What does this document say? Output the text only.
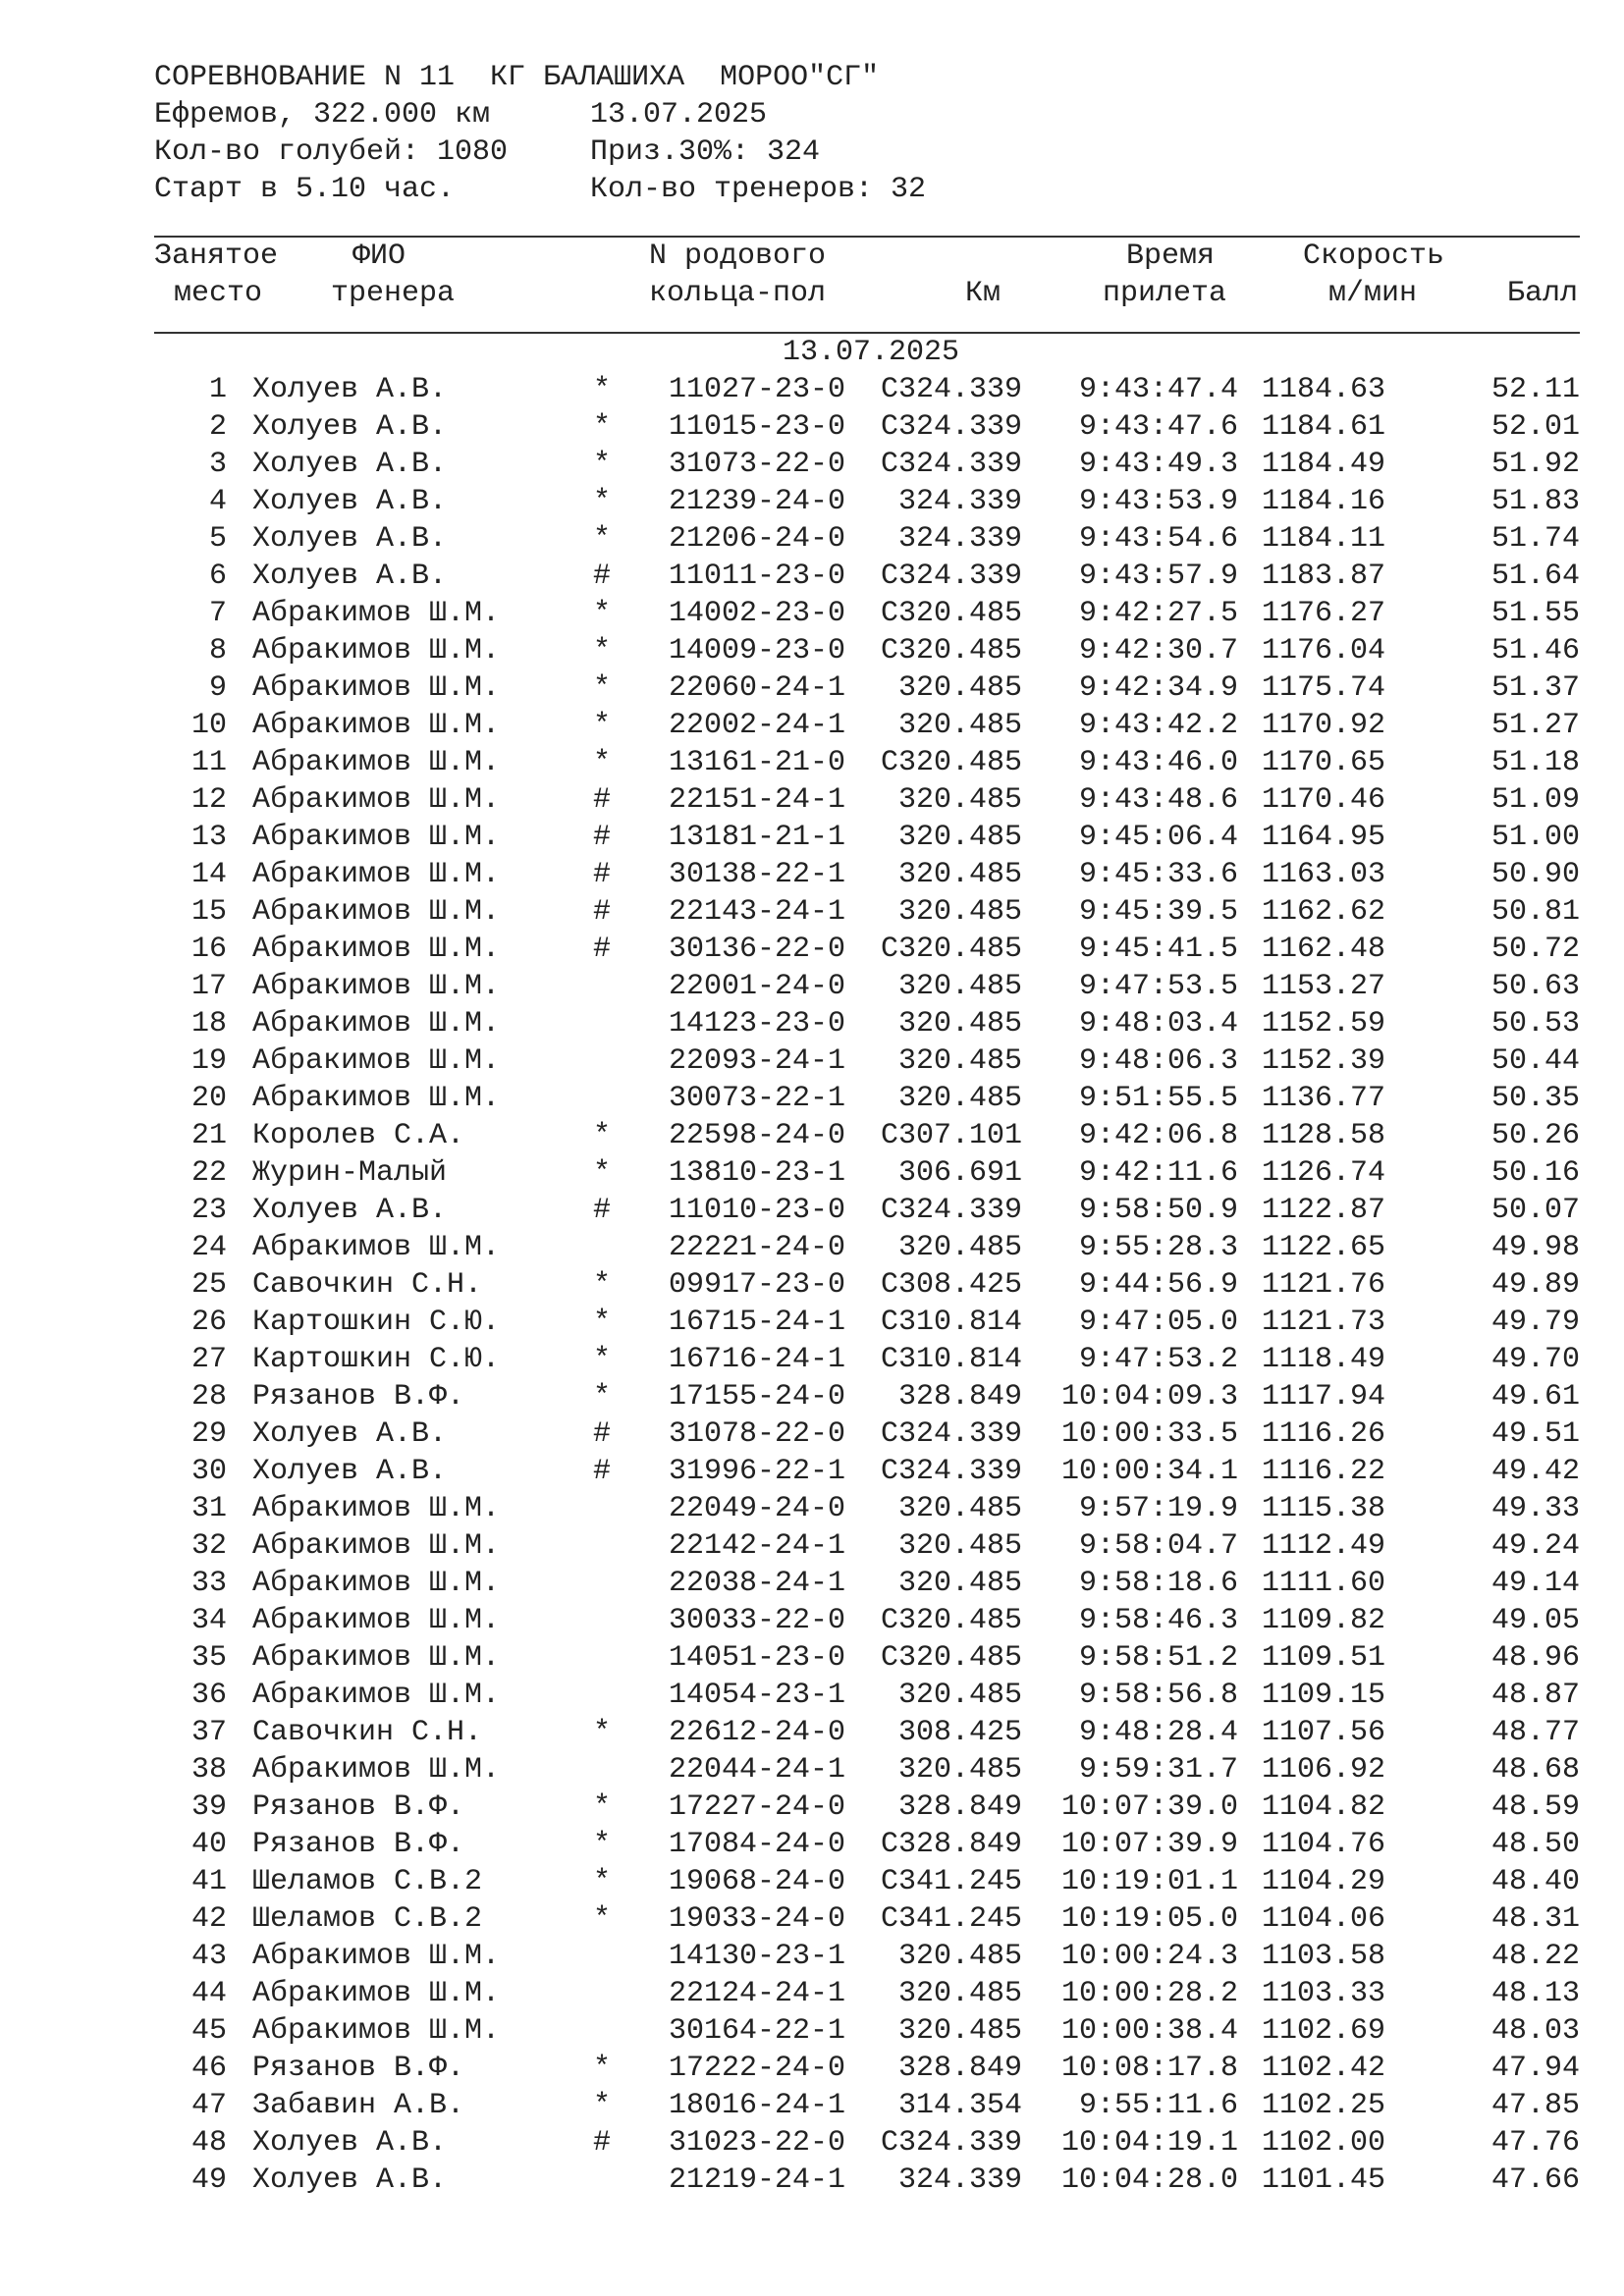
СОРЕВНОВАНИЕ N 11  КГ БАЛАШИХА  МОРОО"СГ"
Ефремов, 322.000 км	13.07.2025
Кол-во голубей: 1080	Приз.30%: 324
Старт в 5.10 час.	Кол-во тренеров: 32
Занятое
место
ФИО
тренера
N родового
кольца-пол	Км
Время
прилета
Скорость
м/мин	Балл
13.07.2025
1 Холуев А.В.	* 11027-23-0 С 324.339	9:43:47.4 1184.63	52.11
2 Холуев А.В.	* 11015-23-0 С 324.339	9:43:47.6 1184.61	52.01
3 Холуев А.В.	* 31073-22-0 С 324.339	9:43:49.3 1184.49	51.92
4 Холуев А.В.	* 21239-24-0	324.339	9:43:53.9 1184.16	51.83
5 Холуев А.В.	* 21206-24-0	324.339	9:43:54.6 1184.11	51.74
6 Холуев А.В.	# 11011-23-0 С 324.339	9:43:57.9 1183.87	51.64
7 Абракимов Ш.М.	* 14002-23-0 С 320.485	9:42:27.5 1176.27	51.55
8 Абракимов Ш.М.	* 14009-23-0 С 320.485	9:42:30.7 1176.04	51.46
9 Абракимов Ш.М.	* 22060-24-1	320.485	9:42:34.9 1175.74	51.37
10 Абракимов Ш.М.	* 22002-24-1	320.485	9:43:42.2 1170.92	51.27
11 Абракимов Ш.М.	* 13161-21-0 С 320.485	9:43:46.0 1170.65	51.18
12 Абракимов Ш.М.	# 22151-24-1	320.485	9:43:48.6 1170.46	51.09
13 Абракимов Ш.М.	# 13181-21-1	320.485	9:45:06.4 1164.95	51.00
14 Абракимов Ш.М.	# 30138-22-1	320.485	9:45:33.6 1163.03	50.90
15 Абракимов Ш.М.	# 22143-24-1	320.485	9:45:39.5 1162.62	50.81
16 Абракимов Ш.М.	# 30136-22-0 С 320.485	9:45:41.5 1162.48	50.72
17 Абракимов Ш.М.	22001-24-0	320.485	9:47:53.5 1153.27	50.63
18 Абракимов Ш.М.	14123-23-0	320.485	9:48:03.4 1152.59	50.53
19 Абракимов Ш.М.	22093-24-1	320.485	9:48:06.3 1152.39	50.44
20 Абракимов Ш.М.	30073-22-1	320.485	9:51:55.5 1136.77	50.35
21 Королев С.А.	* 22598-24-0 С 307.101	9:42:06.8 1128.58	50.26
22 Журин-Малый	* 13810-23-1	306.691	9:42:11.6 1126.74	50.16
23 Холуев А.В.	# 11010-23-0 С 324.339	9:58:50.9 1122.87	50.07
24 Абракимов Ш.М.	22221-24-0	320.485	9:55:28.3 1122.65	49.98
25 Савочкин С.Н.	* 09917-23-0 С 308.425	9:44:56.9 1121.76	49.89
26 Картошкин С.Ю.	* 16715-24-1 С 310.814	9:47:05.0 1121.73	49.79
27 Картошкин С.Ю.	* 16716-24-1 С 310.814	9:47:53.2 1118.49	49.70
28 Рязанов В.Ф.	* 17155-24-0	328.849 10:04:09.3 1117.94	49.61
29 Холуев А.В.	# 31078-22-0 С 324.339 10:00:33.5 1116.26	49.51
30 Холуев А.В.	# 31996-22-1 С 324.339 10:00:34.1 1116.22	49.42
31 Абракимов Ш.М.	22049-24-0	320.485	9:57:19.9 1115.38	49.33
32 Абракимов Ш.М.	22142-24-1	320.485	9:58:04.7 1112.49	49.24
33 Абракимов Ш.М.	22038-24-1	320.485	9:58:18.6 1111.60	49.14
34 Абракимов Ш.М.	30033-22-0 С 320.485	9:58:46.3 1109.82	49.05
35 Абракимов Ш.М.	14051-23-0 С 320.485	9:58:51.2 1109.51	48.96
36 Абракимов Ш.М.	14054-23-1	320.485	9:58:56.8 1109.15	48.87
37 Савочкин С.Н.	* 22612-24-0	308.425	9:48:28.4 1107.56	48.77
38 Абракимов Ш.М.	22044-24-1	320.485	9:59:31.7 1106.92	48.68
39 Рязанов В.Ф.	* 17227-24-0	328.849 10:07:39.0 1104.82	48.59
40 Рязанов В.Ф.	* 17084-24-0 С 328.849 10:07:39.9 1104.76	48.50
41 Шеламов С.В.2	* 19068-24-0 С 341.245 10:19:01.1 1104.29	48.40
42 Шеламов С.В.2	* 19033-24-0 С 341.245 10:19:05.0 1104.06	48.31
43 Абракимов Ш.М.	14130-23-1	320.485 10:00:24.3 1103.58	48.22
44 Абракимов Ш.М.	22124-24-1	320.485 10:00:28.2 1103.33	48.13
45 Абракимов Ш.М.	30164-22-1	320.485 10:00:38.4 1102.69	48.03
46 Рязанов В.Ф.	* 17222-24-0	328.849 10:08:17.8 1102.42	47.94
47 Забавин А.В.	* 18016-24-1	314.354	9:55:11.6 1102.25	47.85
48 Холуев А.В.	# 31023-22-0 С 324.339 10:04:19.1 1102.00	47.76
49 Холуев А.В.	21219-24-1	324.339 10:04:28.0 1101.45	47.66
